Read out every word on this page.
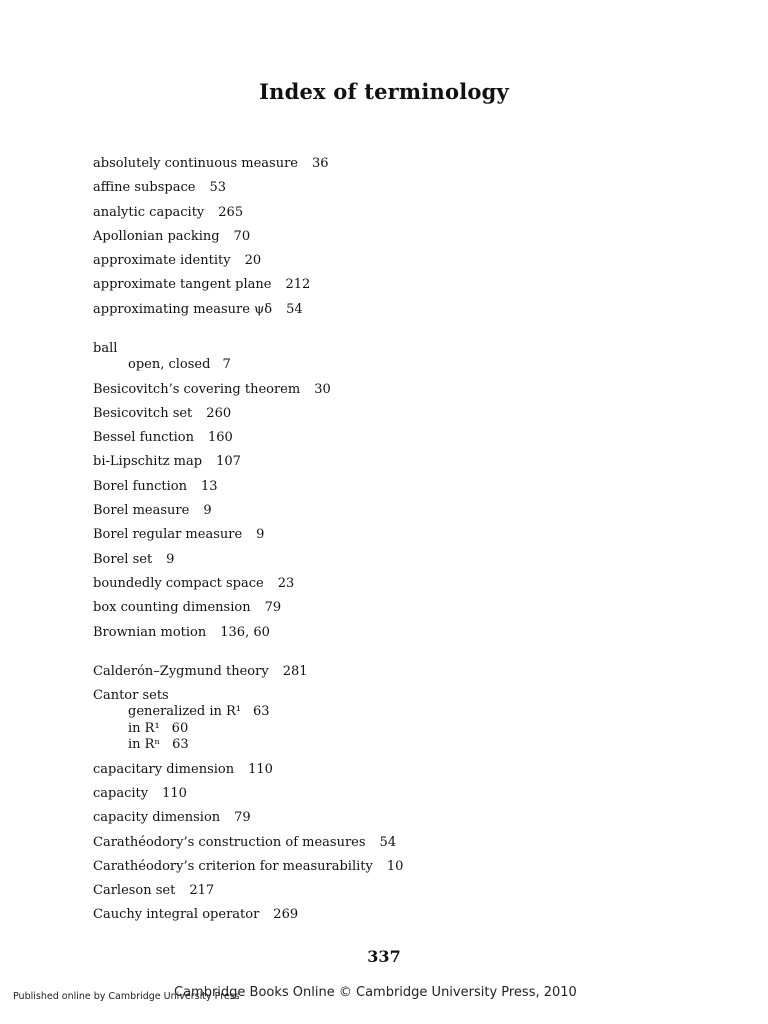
Index of terminology
absolutely continuous measure 36
affine subspace 53
analytic capacity 265
Apollonian packing 70
approximate identity 20
approximate tangent plane 212
approximating measure ψδ 54
ball
open, closed 7
Besicovitch’s covering theorem 30
Besicovitch set 260
Bessel function 160
bi-Lipschitz map 107
Borel function 13
Borel measure 9
Borel regular measure 9
Borel set 9
boundedly compact space 23
box counting dimension 79
Brownian motion 136, 60
Calderón–Zygmund theory 281
Cantor sets
generalized in R¹ 63
in R¹ 60
in Rⁿ 63
capacitary dimension 110
capacity 110
capacity dimension 79
Carathéodory’s construction of measures 54
Carathéodory’s criterion for measurability 10
Carleson set 217
Cauchy integral operator 269
337
Published online by Cambridge University Press
Cambridge Books Online © Cambridge University Press, 2010
